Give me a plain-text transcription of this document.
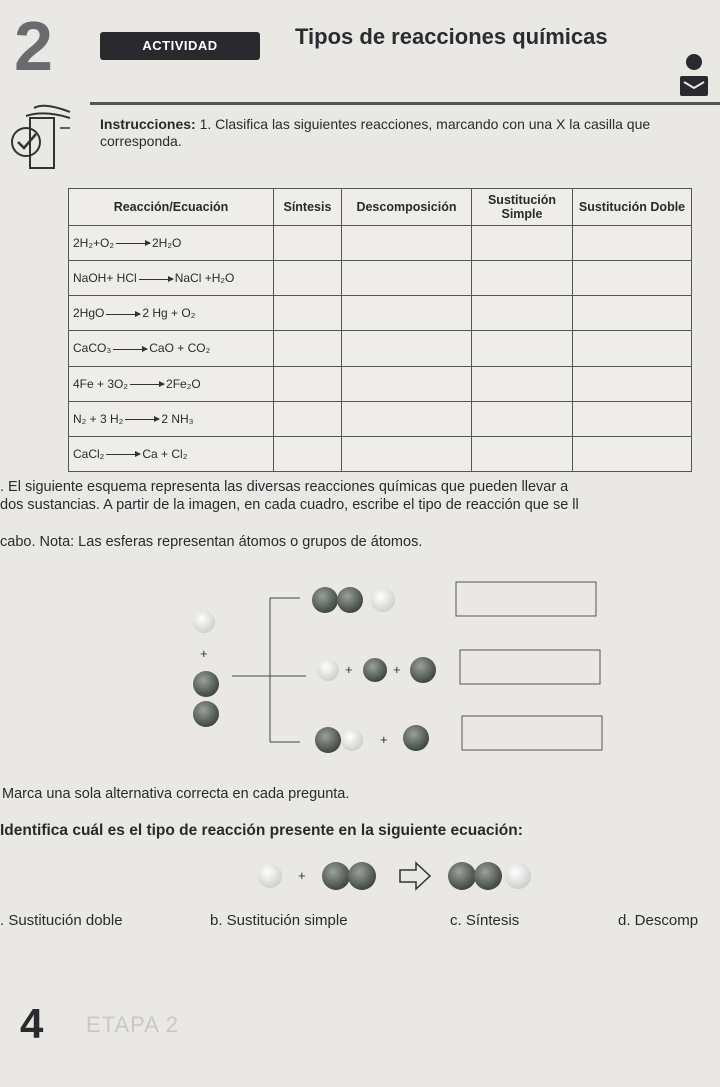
2	ACTIVIDAD	Tipos de reacciones químicas
Instrucciones: 1. Clasifica las siguientes reacciones, marcando con una X la casilla que corresponda.
Reacción/Ecuación	Síntesis	Descomposición	Sustitución Simple	Sustitución Doble
2H₂+O₂ → 2H₂O				
NaOH+ HCl → NaCl +H₂O				
2HgO → 2 Hg + O₂				
CaCO₃ → CaO + CO₂				
4Fe + 3O₂ → 2Fe₂O				
N₂ + 3 H₂ → 2 NH₃				
CaCl₂ → Ca + Cl₂				
. El siguiente esquema representa las diversas reacciones químicas que pueden llevar a
dos sustancias. A partir de la imagen, en cada cuadro, escribe el tipo de reacción que se ll
cabo. Nota: Las esferas representan átomos o grupos de átomos.
+
+	+
+
Marca una sola alternativa correcta en cada pregunta.
Identifica cuál es el tipo de reacción presente en la siguiente ecuación:
+
. Sustitución doble	b. Sustitución simple	c. Síntesis	d. Descomp
4 ETAPA 2
